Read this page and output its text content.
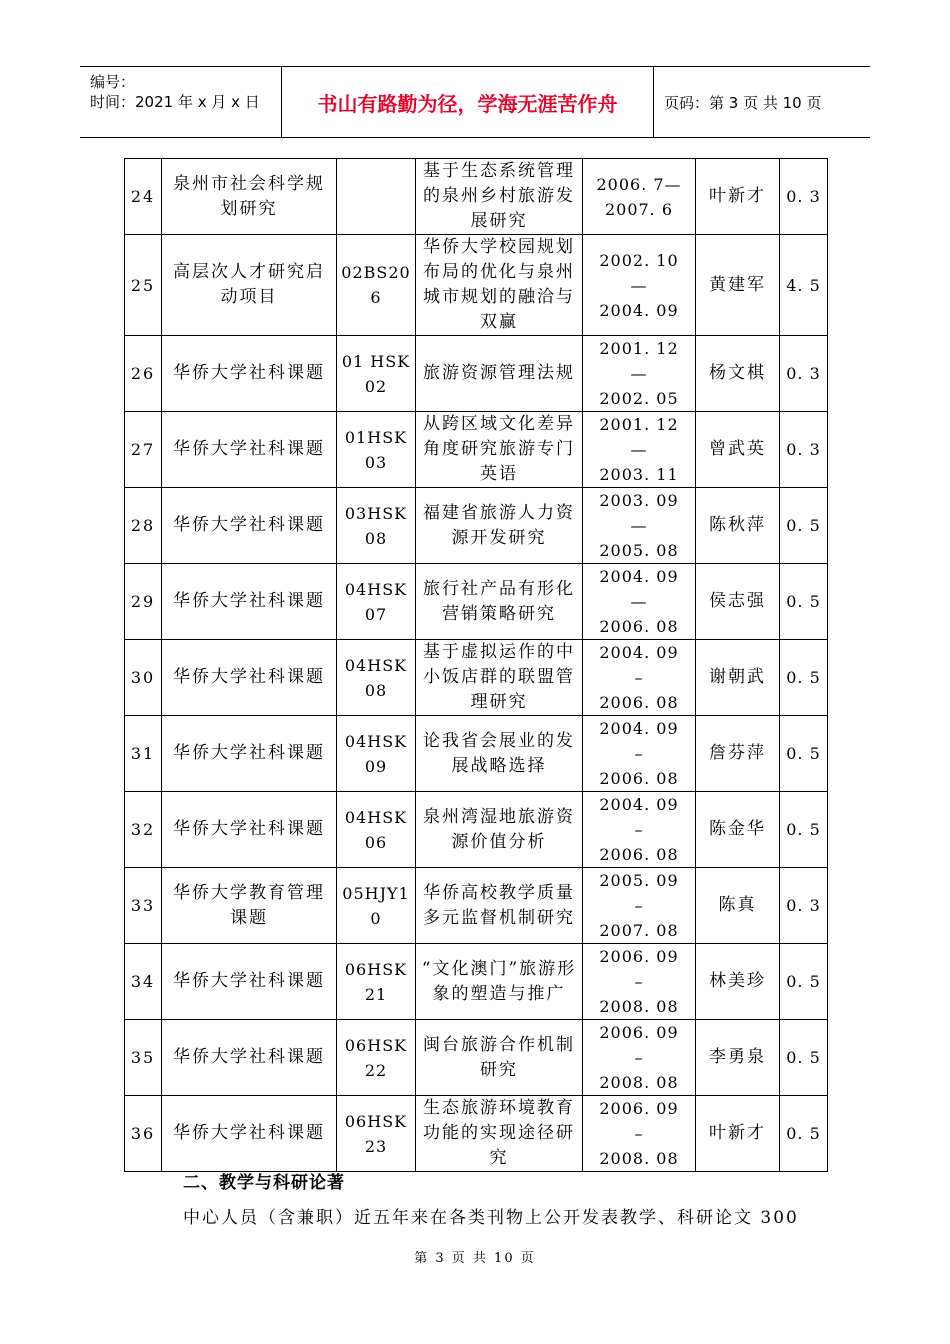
编号：
时间：2021 年 x 月 x 日	书山有路勤为径，学海无涯苦作舟	页码：第 3 页 共 10 页
24	泉州市社会科学规划研究		基于生态系统管理的泉州乡村旅游发展研究	2006. 7—
2007. 6	叶新才	0. 3
25	高层次人才研究启动项目	02BS206	华侨大学校园规划布局的优化与泉州城市规划的融洽与双赢	2002. 10
—
2004. 09	黄建军	4. 5
26	华侨大学社科课题	01 HSK02	旅游资源管理法规	2001. 12
—
2002. 05	杨文棋	0. 3
27	华侨大学社科课题	01HSK03	从跨区域文化差异角度研究旅游专门英语	2001. 12
—
2003. 11	曾武英	0. 3
28	华侨大学社科课题	03HSK08	福建省旅游人力资源开发研究	2003. 09
—
2005. 08	陈秋萍	0. 5
29	华侨大学社科课题	04HSK07	旅行社产品有形化营销策略研究	2004. 09
—
2006. 08	侯志强	0. 5
30	华侨大学社科课题	04HSK08	基于虚拟运作的中小饭店群的联盟管理研究	2004. 09
–
2006. 08	谢朝武	0. 5
31	华侨大学社科课题	04HSK09	论我省会展业的发展战略选择	2004. 09
–
2006. 08	詹芬萍	0. 5
32	华侨大学社科课题	04HSK06	泉州湾湿地旅游资源价值分析	2004. 09
–
2006. 08	陈金华	0. 5
33	华侨大学教育管理课题	05HJY10	华侨高校教学质量多元监督机制研究	2005. 09
–
2007. 08	陈真	0. 3
34	华侨大学社科课题	06HSK21	“文化澳门”旅游形象的塑造与推广	2006. 09
–
2008. 08	林美珍	0. 5
35	华侨大学社科课题	06HSK22	闽台旅游合作机制研究	2006. 09
–
2008. 08	李勇泉	0. 5
36	华侨大学社科课题	06HSK23	生态旅游环境教育功能的实现途径研究	2006. 09
–
2008. 08	叶新才	0. 5
二、教学与科研论著
中心人员（含兼职）近五年来在各类刊物上公开发表教学、科研论文 300
第 3 页 共 10 页
